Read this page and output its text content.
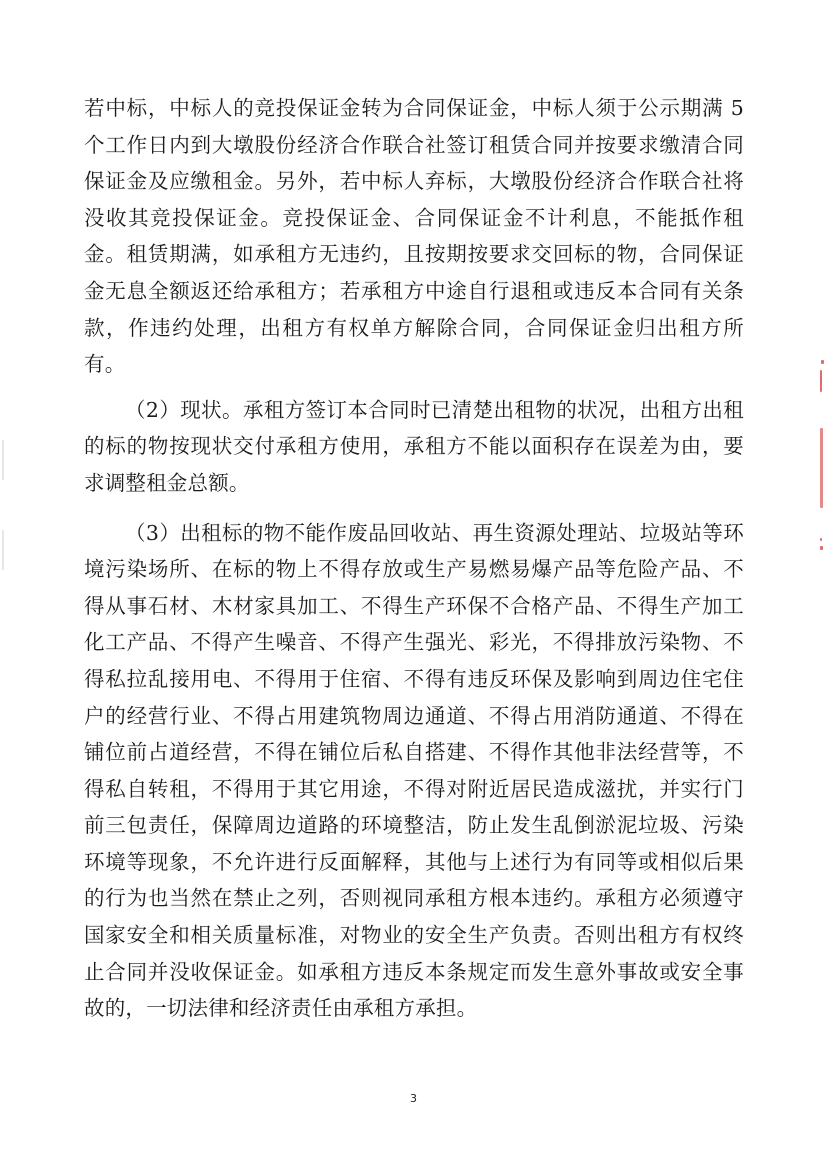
若中标，中标人的竞投保证金转为合同保证金，中标人须于公示期满 5 个工作日内到大墩股份经济合作联合社签订租赁合同并按要求缴清合同保证金及应缴租金。另外，若中标人弃标，大墩股份经济合作联合社将没收其竞投保证金。竞投保证金、合同保证金不计利息，不能抵作租金。租赁期满，如承租方无违约，且按期按要求交回标的物，合同保证金无息全额返还给承租方；若承租方中途自行退租或违反本合同有关条款，作违约处理，出租方有权单方解除合同，合同保证金归出租方所有。

（2）现状。承租方签订本合同时已清楚出租物的状况，出租方出租的标的物按现状交付承租方使用，承租方不能以面积存在误差为由，要求调整租金总额。

（3）出租标的物不能作废品回收站、再生资源处理站、垃圾站等环境污染场所、在标的物上不得存放或生产易燃易爆产品等危险产品、不得从事石材、木材家具加工、不得生产环保不合格产品、不得生产加工化工产品、不得产生噪音、不得产生强光、彩光，不得排放污染物、不得私拉乱接用电、不得用于住宿、不得有违反环保及影响到周边住宅住户的经营行业、不得占用建筑物周边通道、不得占用消防通道、不得在铺位前占道经营，不得在铺位后私自搭建、不得作其他非法经营等，不得私自转租，不得用于其它用途，不得对附近居民造成滋扰，并实行门前三包责任，保障周边道路的环境整洁，防止发生乱倒淤泥垃圾、污染环境等现象，不允许进行反面解释，其他与上述行为有同等或相似后果的行为也当然在禁止之列，否则视同承租方根本违约。承租方必须遵守国家安全和相关质量标准，对物业的安全生产负责。否则出租方有权终止合同并没收保证金。如承租方违反本条规定而发生意外事故或安全事故的，一切法律和经济责任由承租方承担。

3
